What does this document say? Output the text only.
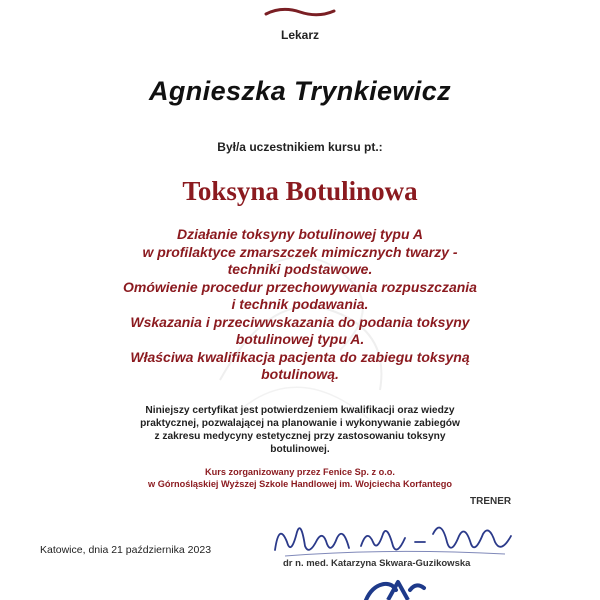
Lekarz
Agnieszka Trynkiewicz
Był/a uczestnikiem kursu pt.:
Toksyna Botulinowa
Działanie toksyny botulinowej typu A
w profilaktyce zmarszczek mimicznych twarzy -
techniki podstawowe.
Omówienie procedur przechowywania rozpuszczania
i technik podawania.
Wskazania i przeciwwskazania do podania toksyny
botulinowej typu A.
Właściwa kwalifikacja pacjenta do zabiegu toksyną
botulinową.
Niniejszy certyfikat jest potwierdzeniem kwalifikacji oraz wiedzy
praktycznej, pozwalającej na planowanie i wykonywanie zabiegów
z zakresu medycyny estetycznej przy zastosowaniu toksyny
botulinowej.
Kurs zorganizowany przez Fenice Sp. z o.o.
w Górnośląskiej Wyższej Szkole Handlowej im. Wojciecha Korfantego
TRENER
Katowice, dnia 21 października 2023
dr n. med. Katarzyna Skwara-Guzikowska
